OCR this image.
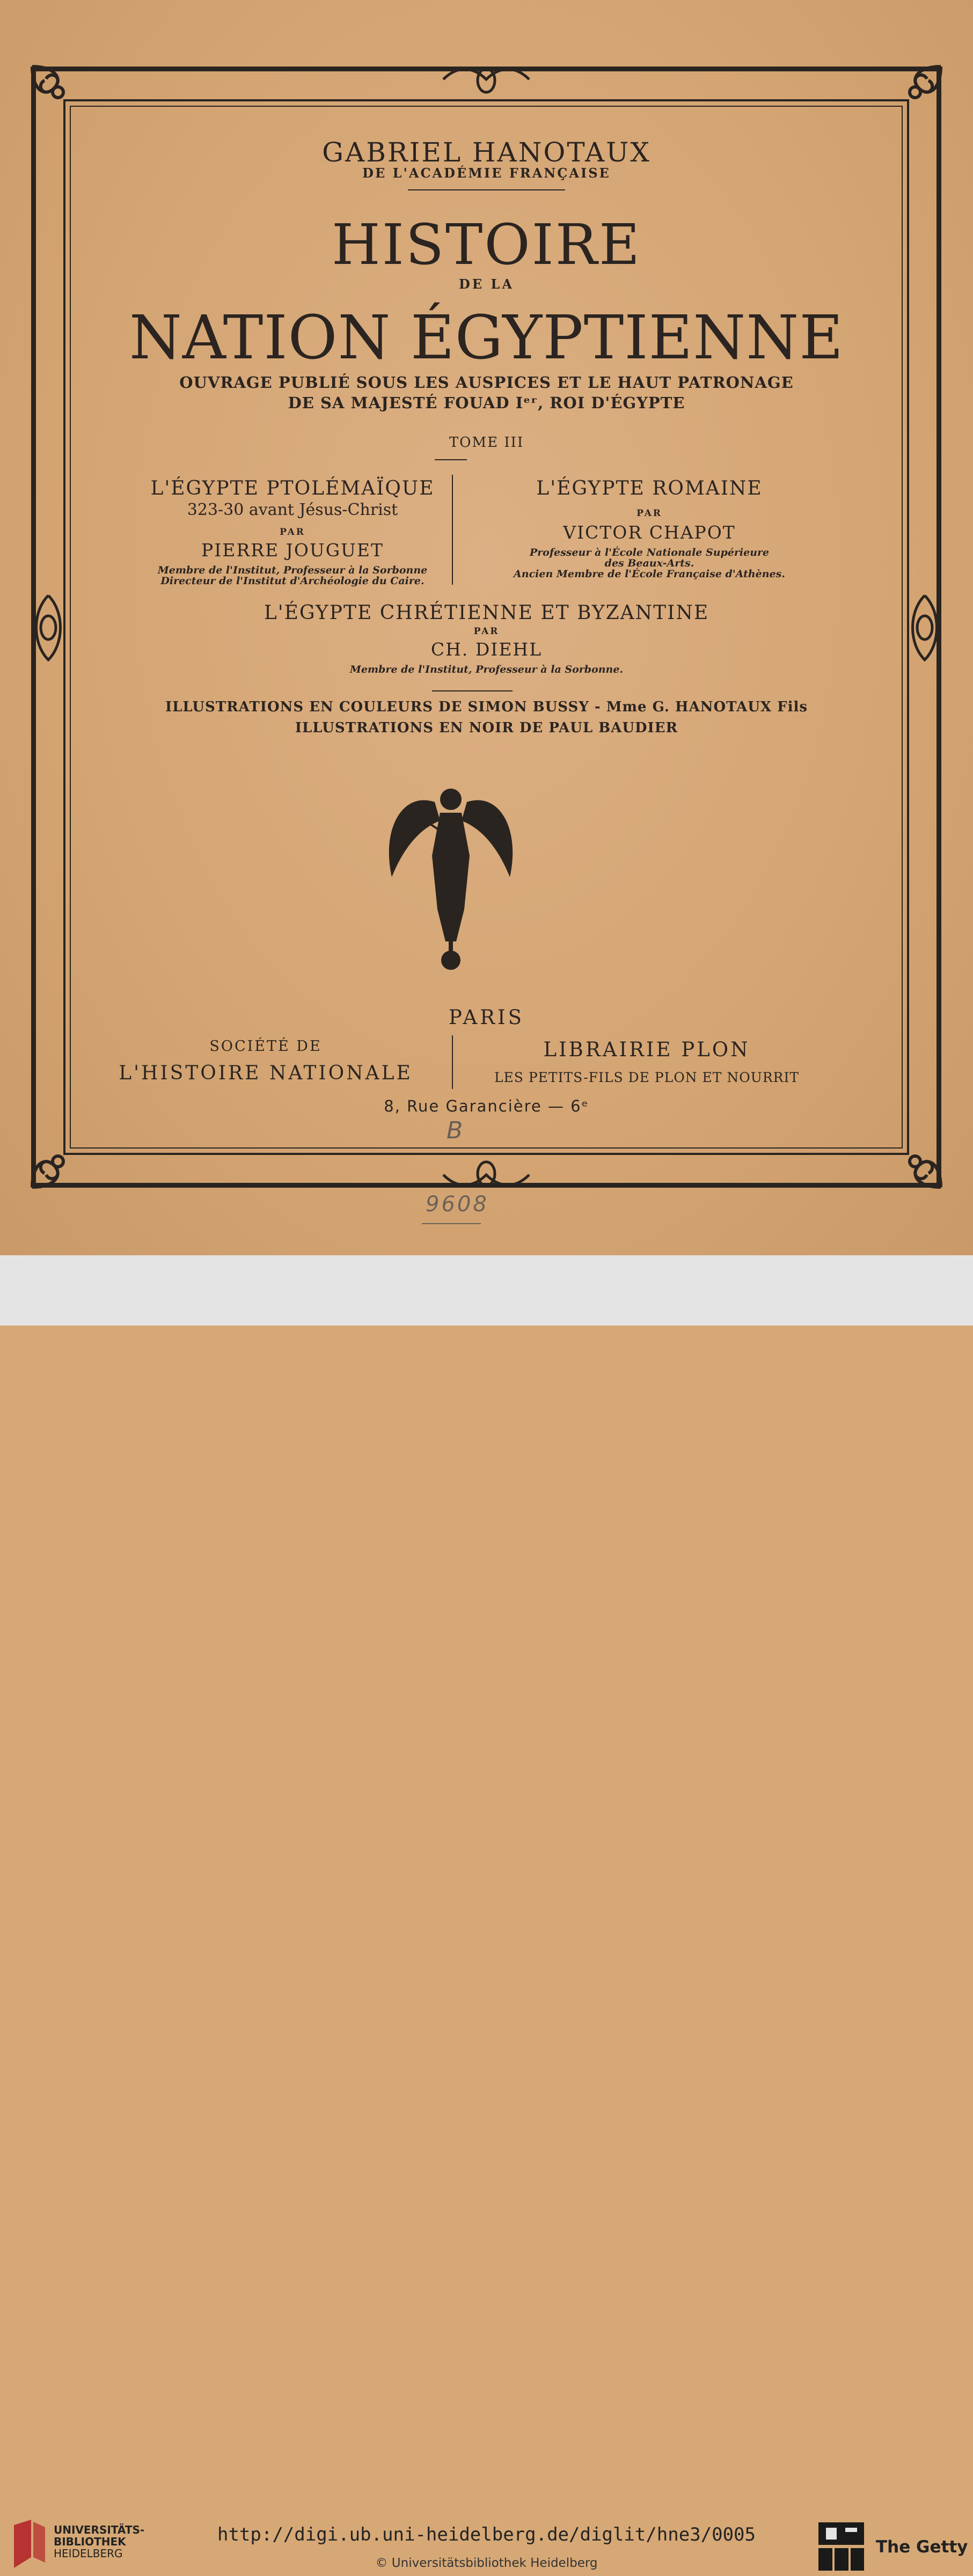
GABRIEL HANOTAUX
DE L'ACADÉMIE FRANÇAISE
HISTOIRE
DE LA
NATION ÉGYPTIENNE
OUVRAGE PUBLIÉ SOUS LES AUSPICES ET LE HAUT PATRONAGE
DE SA MAJESTÉ FOUAD Iᵉʳ, ROI D'ÉGYPTE
TOME III
L'ÉGYPTE PTOLÉMAÏQUE
323-30 avant Jésus-Christ
PAR
PIERRE JOUGUET
Membre de l'Institut, Professeur à la Sorbonne
Directeur de l'Institut d'Archéologie du Caire.
L'ÉGYPTE ROMAINE
PAR
VICTOR CHAPOT
Professeur à l'École Nationale Supérieure
des Beaux-Arts.
Ancien Membre de l'École Française d'Athènes.
L'ÉGYPTE CHRÉTIENNE ET BYZANTINE
PAR
CH. DIEHL
Membre de l'Institut, Professeur à la Sorbonne.
ILLUSTRATIONS EN COULEURS DE SIMON BUSSY - Mme G. HANOTAUX Fils
ILLUSTRATIONS EN NOIR DE PAUL BAUDIER
PARIS
SOCIÉTÉ DE
L'HISTOIRE NATIONALE
LIBRAIRIE PLON
LES PETITS-FILS DE PLON ET NOURRIT
8, Rue Garancière — 6ᵉ
B
9608
UNIVERSITÄTS-
BIBLIOTHEK
HEIDELBERG
http://digi.ub.uni-heidelberg.de/diglit/hne3/0005
© Universitätsbibliothek Heidelberg
The Getty
